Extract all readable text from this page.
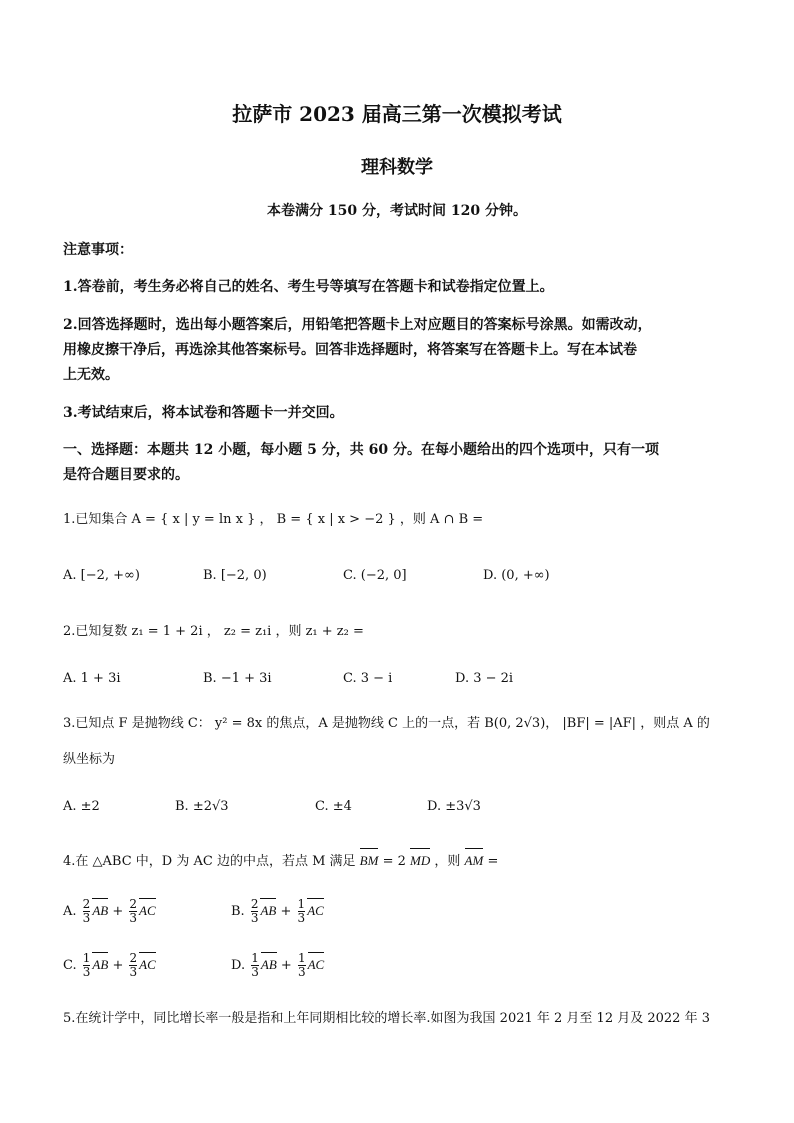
拉萨市 2023 届高三第一次模拟考试
理科数学
本卷满分 150 分，考试时间 120 分钟。
注意事项：
1.答卷前，考生务必将自己的姓名、考生号等填写在答题卡和试卷指定位置上。
2.回答选择题时，选出每小题答案后，用铅笔把答题卡上对应题目的答案标号涂黑。如需改动，
用橡皮擦干净后，再选涂其他答案标号。回答非选择题时，将答案写在答题卡上。写在本试卷
上无效。
3.考试结束后，将本试卷和答题卡一并交回。
一、选择题：本题共 12 小题，每小题 5 分，共 60 分。在每小题给出的四个选项中，只有一项
是符合题目要求的。
1.已知集合 A = { x | y = ln x } ， B = { x | x > −2 } ，则 A ∩ B =
A. [−2, +∞)	B. [−2, 0)	C. (−2, 0]	D. (0, +∞)
2.已知复数 z₁ = 1 + 2i ， z₂ = z₁i ，则 z₁ + z₂ =
A. 1 + 3i	B. −1 + 3i	C. 3 − i	D. 3 − 2i
3.已知点 F 是抛物线 C： y² = 8x 的焦点，A 是抛物线 C 上的一点，若 B(0, 2√3)， |BF| = |AF| ，则点 A 的
纵坐标为
A. ±2	B. ±2√3	C. ±4	D. ±3√3
4.在 △ABC 中，D 为 AC 边的中点，若点 M 满足 BM = 2 MD ，则 AM =
A. $\frac{2}{3}$ AB + $\frac{2}{3}$ AC	B. $\frac{2}{3}$ AB + $\frac{1}{3}$ AC
C. $\frac{1}{3}$ AB + $\frac{2}{3}$ AC	D. $\frac{1}{3}$ AB + $\frac{1}{3}$ AC
5.在统计学中，同比增长率一般是指和上年同期相比较的增长率.如图为我国 2021 年 2 月至 12 月及 2022 年 3
